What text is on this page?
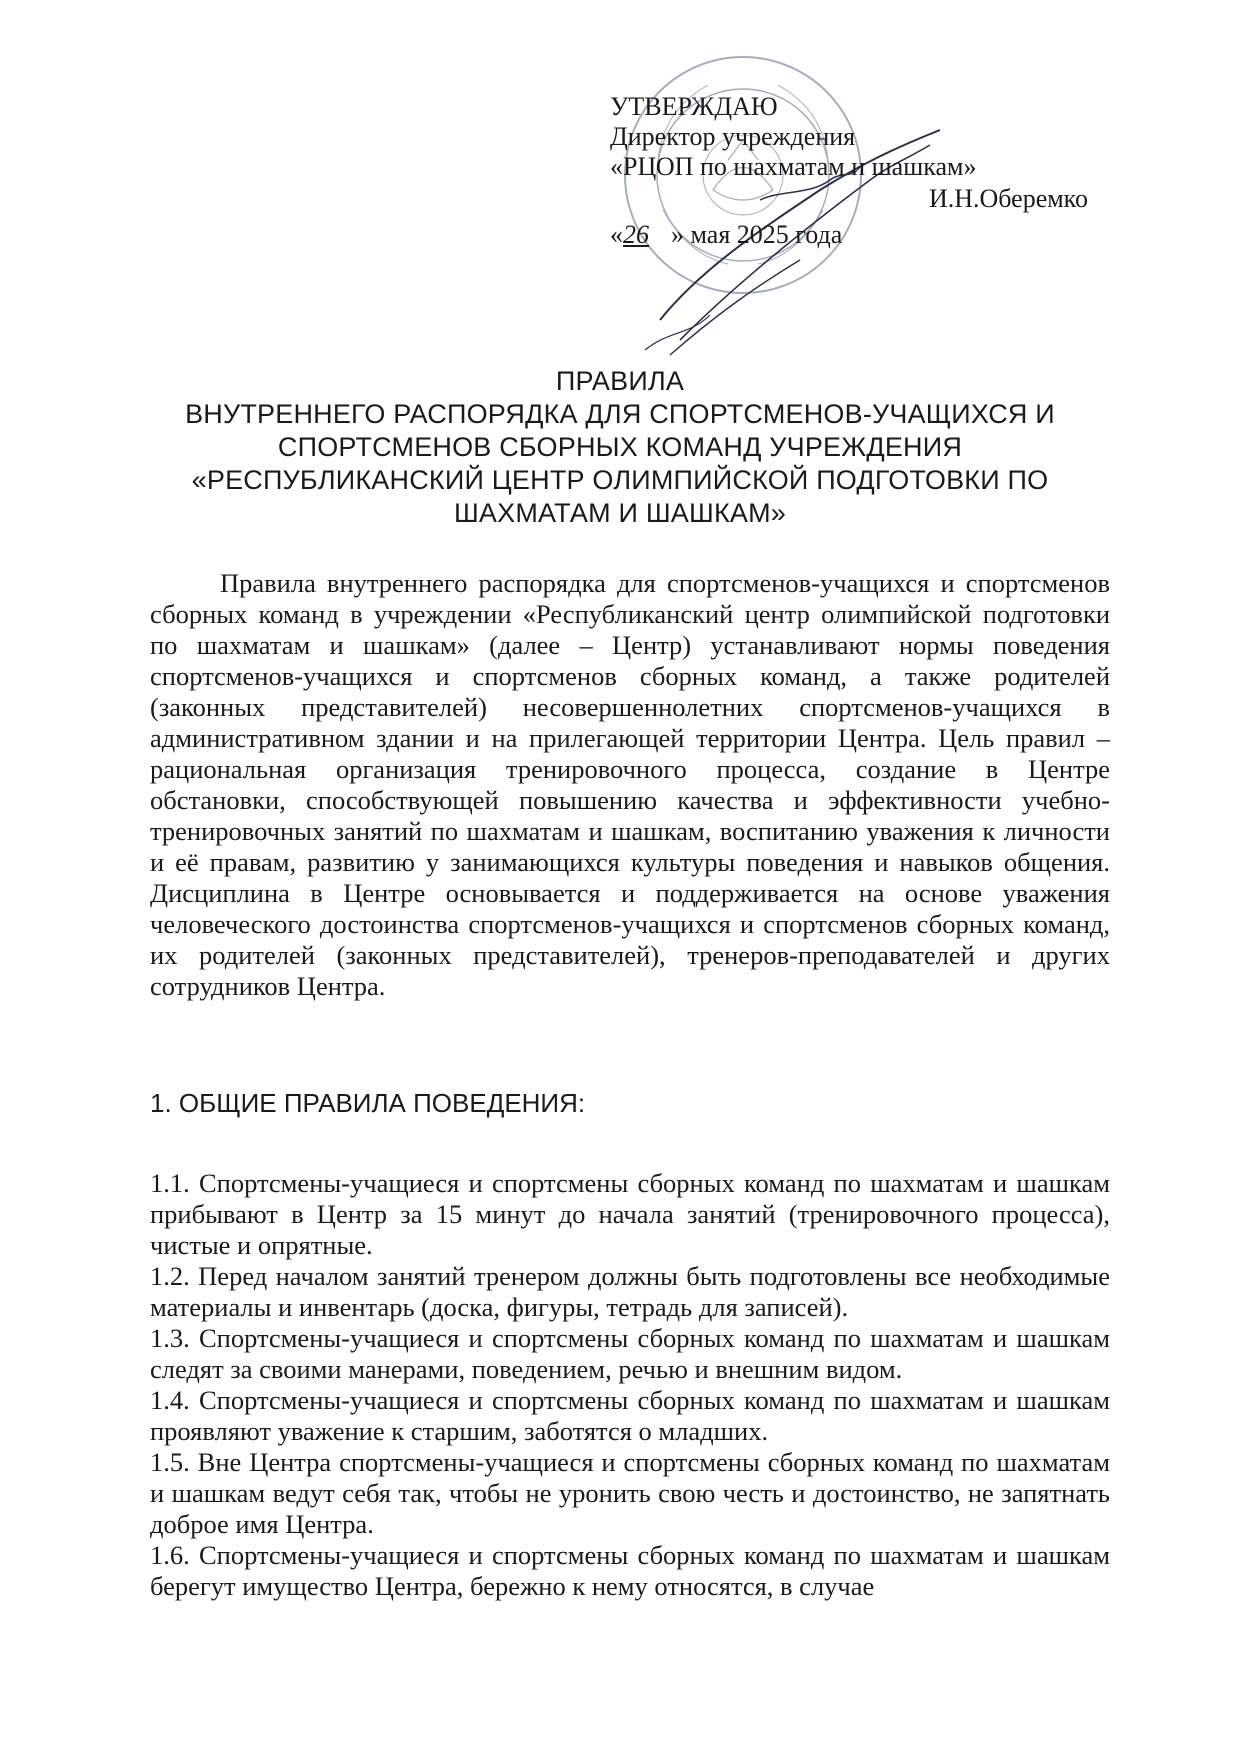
УТВЕРЖДАЮ
Директор учреждения
«РЦОП по шахматам и шашкам»
И.Н.Оберемко
«26 » мая 2025 года
ПРАВИЛА
ВНУТРЕННЕГО РАСПОРЯДКА ДЛЯ СПОРТСМЕНОВ-УЧАЩИХСЯ И
СПОРТСМЕНОВ СБОРНЫХ КОМАНД УЧРЕЖДЕНИЯ
«РЕСПУБЛИКАНСКИЙ ЦЕНТР ОЛИМПИЙСКОЙ ПОДГОТОВКИ ПО
ШАХМАТАМ И ШАШКАМ»
Правила внутреннего распорядка для спортсменов-учащихся и спортсменов сборных команд в учреждении «Республиканский центр олимпийской подготовки по шахматам и шашкам» (далее – Центр) устанавливают нормы поведения спортсменов-учащихся и спортсменов сборных команд, а также родителей (законных представителей) несовершеннолетних спортсменов-учащихся в административном здании и на прилегающей территории Центра. Цель правил – рациональная организация тренировочного процесса, создание в Центре обстановки, способствующей повышению качества и эффективности учебно-тренировочных занятий по шахматам и шашкам, воспитанию уважения к личности и её правам, развитию у занимающихся культуры поведения и навыков общения. Дисциплина в Центре основывается и поддерживается на основе уважения человеческого достоинства спортсменов-учащихся и спортсменов сборных команд, их родителей (законных представителей), тренеров-преподавателей и других сотрудников Центра.
1. ОБЩИЕ ПРАВИЛА ПОВЕДЕНИЯ:

1.1. Спортсмены-учащиеся и спортсмены сборных команд по шахматам и шашкам прибывают в Центр за 15 минут до начала занятий (тренировочного процесса), чистые и опрятные.

1.2. Перед началом занятий тренером должны быть подготовлены все необходимые материалы и инвентарь (доска, фигуры, тетрадь для записей).

1.3. Спортсмены-учащиеся и спортсмены сборных команд по шахматам и шашкам следят за своими манерами, поведением, речью и внешним видом.

1.4. Спортсмены-учащиеся и спортсмены сборных команд по шахматам и шашкам проявляют уважение к старшим, заботятся о младших.

1.5. Вне Центра спортсмены-учащиеся и спортсмены сборных команд по шахматам и шашкам ведут себя так, чтобы не уронить свою честь и достоинство, не запятнать доброе имя Центра.

1.6. Спортсмены-учащиеся и спортсмены сборных команд по шахматам и шашкам берегут имущество Центра, бережно к нему относятся, в случае
